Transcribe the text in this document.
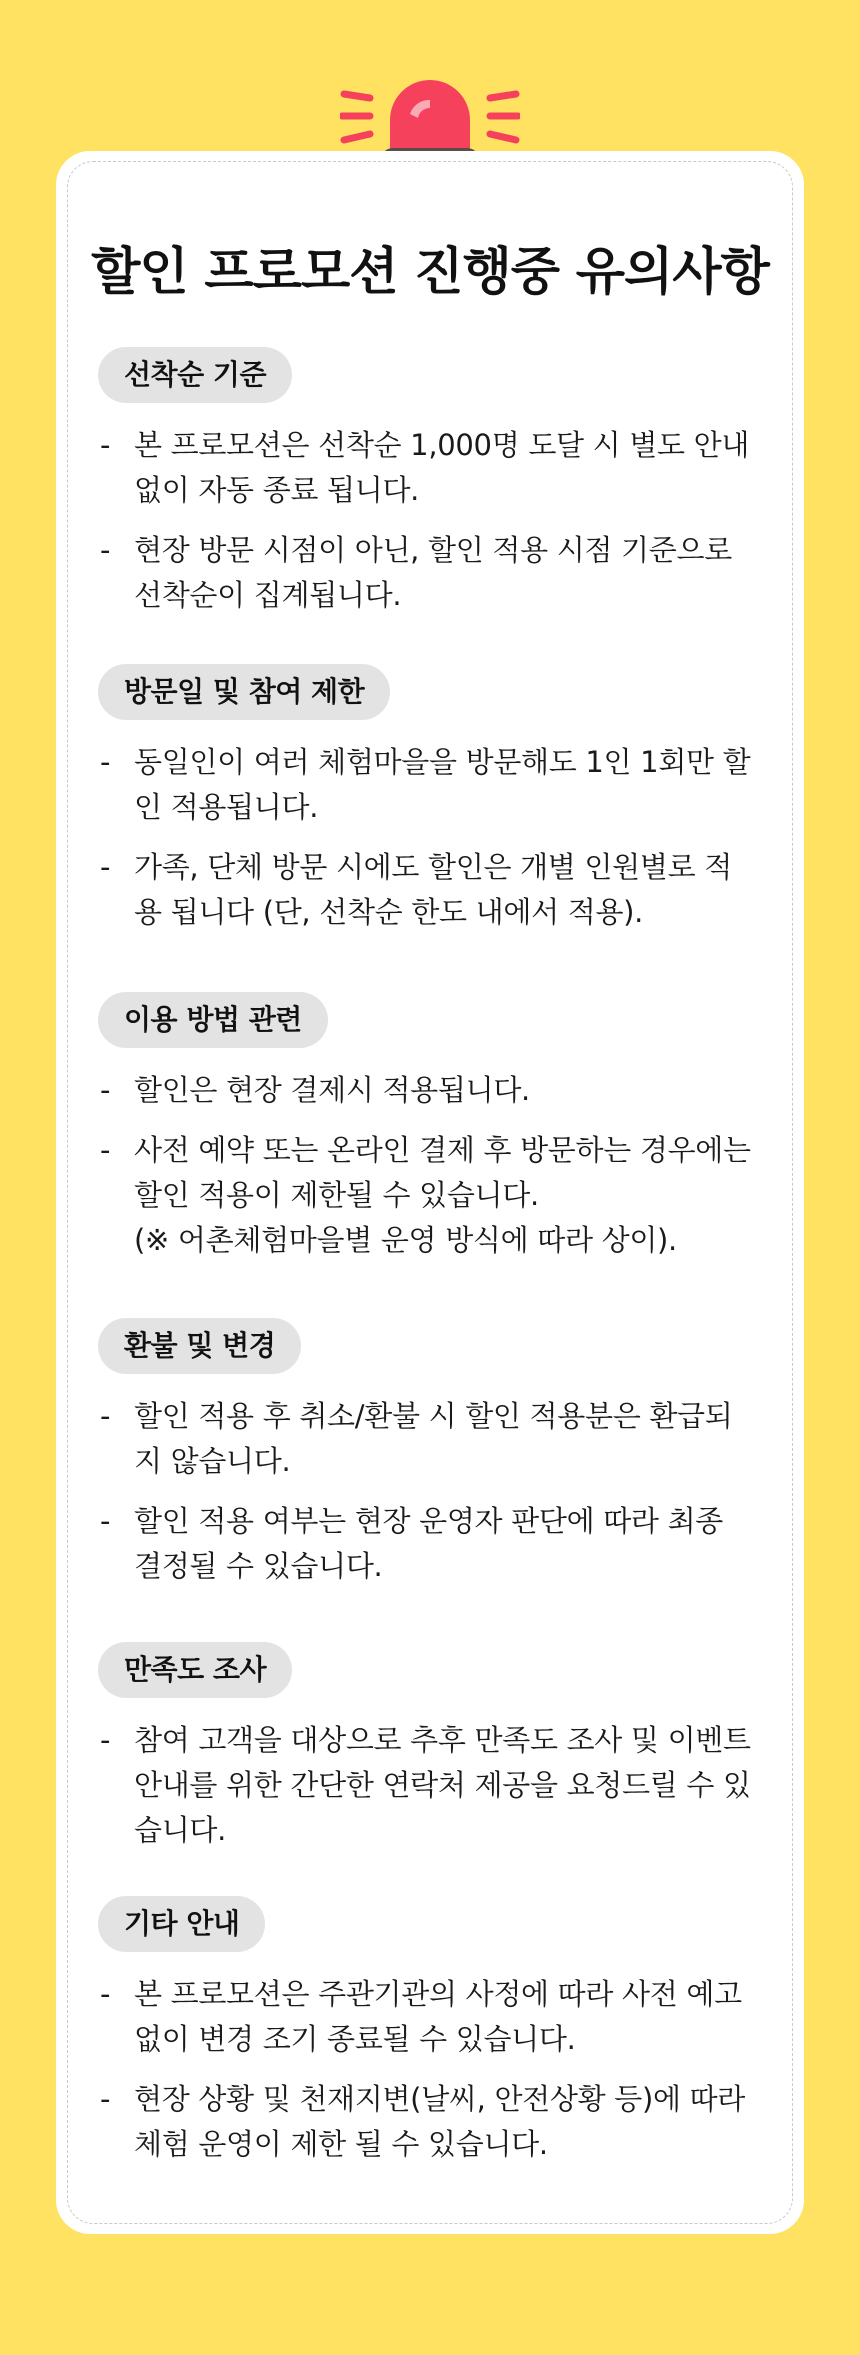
할인 프로모션 진행중 유의사항
선착순 기준
- 본 프로모션은 선착순 1,000명 도달 시 별도 안내 없이 자동 종료 됩니다.
- 현장 방문 시점이 아닌, 할인 적용 시점 기준으로 선착순이 집계됩니다.
방문일 및 참여 제한
- 동일인이 여러 체험마을을 방문해도 1인 1회만 할인 적용됩니다.
- 가족, 단체 방문 시에도 할인은 개별 인원별로 적용 됩니다 (단, 선착순 한도 내에서 적용).
이용 방법 관련
- 할인은 현장 결제시 적용됩니다.
- 사전 예약 또는 온라인 결제 후 방문하는 경우에는 할인 적용이 제한될 수 있습니다.
(※ 어촌체험마을별 운영 방식에 따라 상이).
환불 및 변경
- 할인 적용 후 취소/환불 시 할인 적용분은 환급되지 않습니다.
- 할인 적용 여부는 현장 운영자 판단에 따라 최종 결정될 수 있습니다.
만족도 조사
- 참여 고객을 대상으로 추후 만족도 조사 및 이벤트 안내를 위한 간단한 연락처 제공을 요청드릴 수 있습니다.
기타 안내
- 본 프로모션은 주관기관의 사정에 따라 사전 예고 없이 변경 조기 종료될 수 있습니다.
- 현장 상황 및 천재지변(날씨, 안전상황 등)에 따라 체험 운영이 제한 될 수 있습니다.
